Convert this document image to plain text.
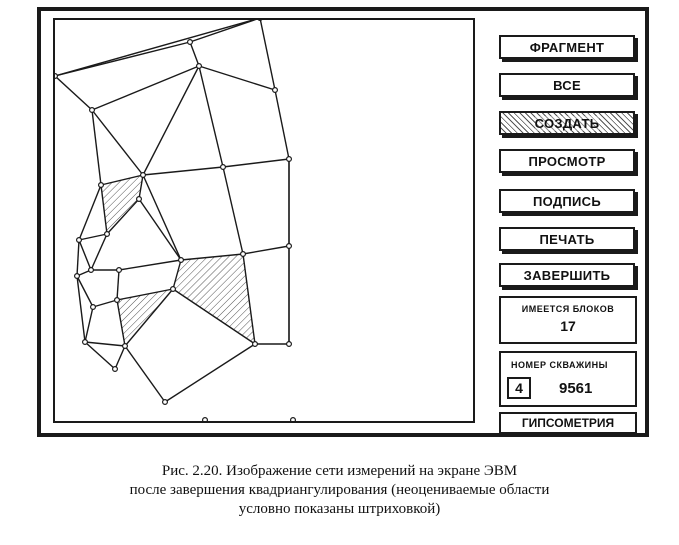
ФРАГМЕНТ
ВСЕ
СОЗДАТЬ
ПРОСМОТР
ПОДПИСЬ
ПЕЧАТЬ
ЗАВЕРШИТЬ
ИМЕЕТСЯ БЛОКОВ
17
НОМЕР СКВАЖИНЫ
4	9561
ГИПСОМЕТРИЯ
Рис. 2.20. Изображение сети измерений на экране ЭВМ
после завершения квадриангулирования (неоцениваемые области
условно показаны штриховкой)
